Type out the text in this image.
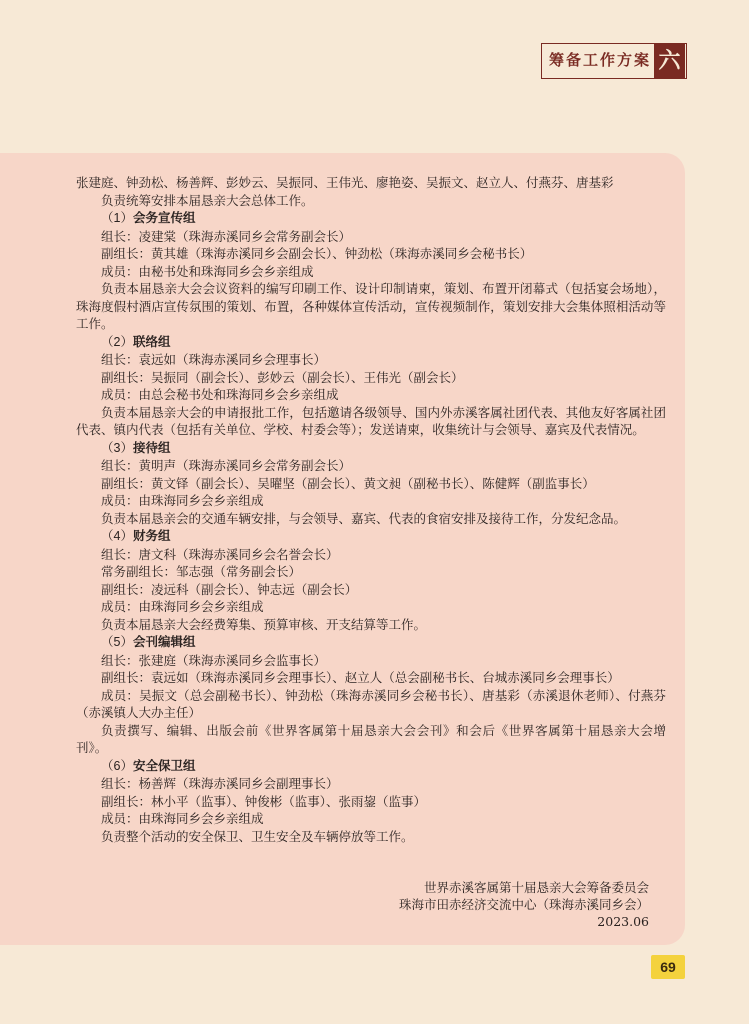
筹备工作方案 六
张建庭、钟劲松、杨善辉、彭妙云、吴振同、王伟光、廖艳姿、吴振文、赵立人、付燕芬、唐基彩
负责统筹安排本届恳亲大会总体工作。
（1）会务宣传组
组长：凌建棠（珠海赤溪同乡会常务副会长）
副组长：黄其雄（珠海赤溪同乡会副会长）、钟劲松（珠海赤溪同乡会秘书长）
成员：由秘书处和珠海同乡会乡亲组成
负责本届恳亲大会会议资料的编写印刷工作、设计印制请柬，策划、布置开闭幕式（包括宴会场地），珠海度假村酒店宣传氛围的策划、布置，各种媒体宣传活动，宣传视频制作，策划安排大会集体照相活动等工作。
（2）联络组
组长：袁远如（珠海赤溪同乡会理事长）
副组长：吴振同（副会长）、彭妙云（副会长）、王伟光（副会长）
成员：由总会秘书处和珠海同乡会乡亲组成
负责本届恳亲大会的申请报批工作，包括邀请各级领导、国内外赤溪客属社团代表、其他友好客属社团代表、镇内代表（包括有关单位、学校、村委会等）；发送请柬，收集统计与会领导、嘉宾及代表情况。
（3）接待组
组长：黄明声（珠海赤溪同乡会常务副会长）
副组长：黄文铎（副会长）、吴曜坚（副会长）、黄文昶（副秘书长）、陈健辉（副监事长）
成员：由珠海同乡会乡亲组成
负责本届恳亲会的交通车辆安排，与会领导、嘉宾、代表的食宿安排及接待工作，分发纪念品。
（4）财务组
组长：唐文科（珠海赤溪同乡会名誉会长）
常务副组长：邹志强（常务副会长）
副组长：凌远科（副会长）、钟志远（副会长）
成员：由珠海同乡会乡亲组成
负责本届恳亲大会经费筹集、预算审核、开支结算等工作。
（5）会刊编辑组
组长：张建庭（珠海赤溪同乡会监事长）
副组长：袁远如（珠海赤溪同乡会理事长）、赵立人（总会副秘书长、台城赤溪同乡会理事长）
成员：吴振文（总会副秘书长）、钟劲松（珠海赤溪同乡会秘书长）、唐基彩（赤溪退休老师）、付燕芬（赤溪镇人大办主任）
负责撰写、编辑、出版会前《世界客属第十届恳亲大会会刊》和会后《世界客属第十届恳亲大会增刊》。
（6）安全保卫组
组长：杨善辉（珠海赤溪同乡会副理事长）
副组长：林小平（监事）、钟俊彬（监事）、张雨鋆（监事）
成员：由珠海同乡会乡亲组成
负责整个活动的安全保卫、卫生安全及车辆停放等工作。
世界赤溪客属第十届恳亲大会筹备委员会
珠海市田赤经济交流中心（珠海赤溪同乡会）
2023.06
69
